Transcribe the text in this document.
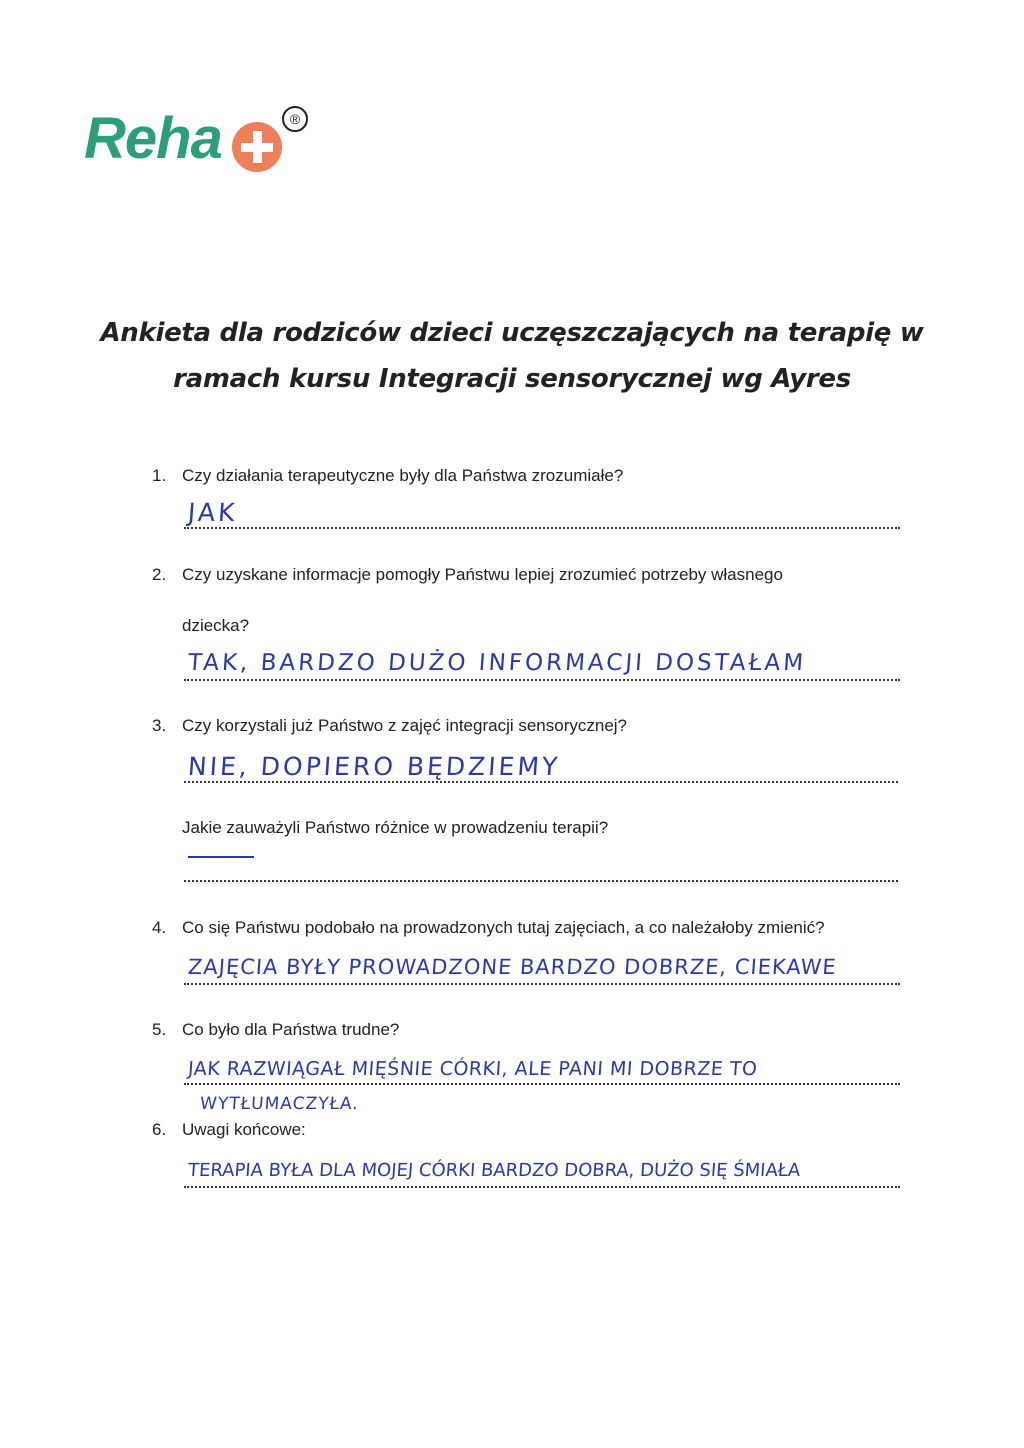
Reha	®
Ankieta dla rodziców dzieci uczęszczających na terapię w ramach kursu Integracji sensorycznej wg Ayres
1. Czy działania terapeutyczne były dla Państwa zrozumiałe?
JAK
2. Czy uzyskane informacje pomogły Państwu lepiej zrozumieć potrzeby własnego
dziecka?
TAK, BARDZO DUŻO INFORMACJI DOSTAŁAM
3. Czy korzystali już Państwo z zajęć integracji sensorycznej?
NIE, DOPIERO BĘDZIEMY
Jakie zauważyli Państwo różnice w prowadzeniu terapii?
4. Co się Państwu podobało na prowadzonych tutaj zajęciach, a co należałoby zmienić?
ZAJĘCIA BYŁY PROWADZONE BARDZO DOBRZE, CIEKAWE
5. Co było dla Państwa trudne?
JAK RAZWIĄGAŁ MIĘŚNIE CÓRKI, ALE PANI MI DOBRZE TO
WYTŁUMACZYŁA.
6. Uwagi końcowe:
TERAPIA BYŁA DLA MOJEJ CÓRKI BARDZO DOBRA, DUŻO SIĘ ŚMIAŁA
